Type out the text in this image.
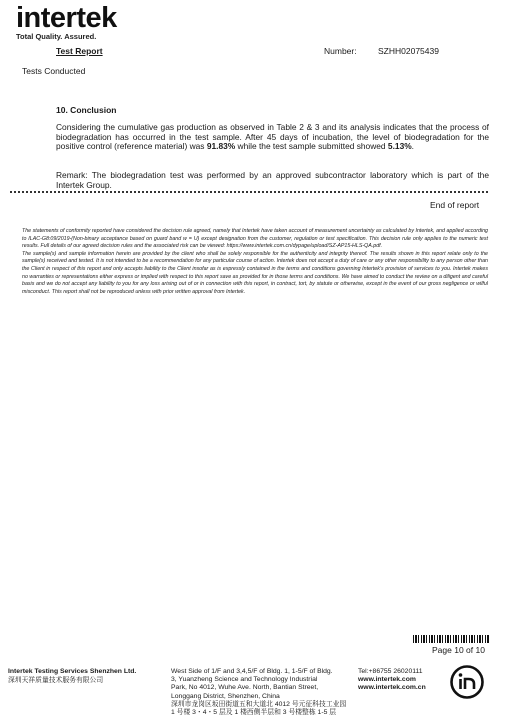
intertek
Total Quality. Assured.
Test Report	Number:	SZHH02075439
Tests Conducted
10. Conclusion
Considering the cumulative gas production as observed in Table 2 & 3 and its analysis indicates that the process of biodegradation has occurred in the test sample. After 45 days of incubation, the level of biodegradation for the positive control (reference material) was 91.83% while the test sample submitted showed 5.13%.
Remark: The biodegradation test was performed by an approved subcontractor laboratory which is part of the Intertek Group.
End of report

The statements of conformity reported have considered the decision rule agreed, namely that Intertek have taken account of measurement uncertainty as calculated by Intertek, and applied according to ILAC-G8:09/2019-(Non-binary acceptance based on guard band w = U) except designation from the customer, regulation or test specification. This decision rule only applies to the numeric test results. Full details of our agreed decision rules and the associated risk can be viewed: https://www.intertek.com.cn/dypage/upload/SZ-AP15-HLS-QA.pdf.

The sample(s) and sample information herein are provided by the client who shall be solely responsible for the authenticity and integrity thereof. The results shown in this report relate only to the sample(s) received and tested. It is not intended to be a recommendation for any particular course of action. Intertek does not accept a duty of care or any other responsibility to any person other than the Client in respect of this report and only accepts liability to the Client insofar as is expressly contained in the terms and conditions governing Intertek's provision of services to you. Intertek makes no warranties or representations either express or implied with respect to this report save as provided for in those terms and conditions. We have aimed to conduct the review on a diligent and careful basis and we do not accept any liability to you for any loss arising out of or in connection with this report, in contract, tort, by statute or otherwise, except in the event of our gross negligence or wilful misconduct. This report shall not be reproduced unless with prior written approval from Intertek.

Page 10 of 10
Intertek Testing Services Shenzhen Ltd.
深圳天祥质量技术服务有限公司
West Side of 1/F and 3,4,5/F of Bldg. 1, 1-5/F of Bldg.
3, Yuanzheng Science and Technology Industrial
Park, No 4012, Wuhe Ave. North, Bantian Street,
Longgang District, Shenzhen, China
深圳市龙岗区坂田街道五和大道北 4012 号元征科技工业园
1 号楼 3・4・5 层及 1 楼西侧半层和 3 号楼整栋 1-5 层
Tel:+86755 26020111
www.intertek.com
www.intertek.com.cn
